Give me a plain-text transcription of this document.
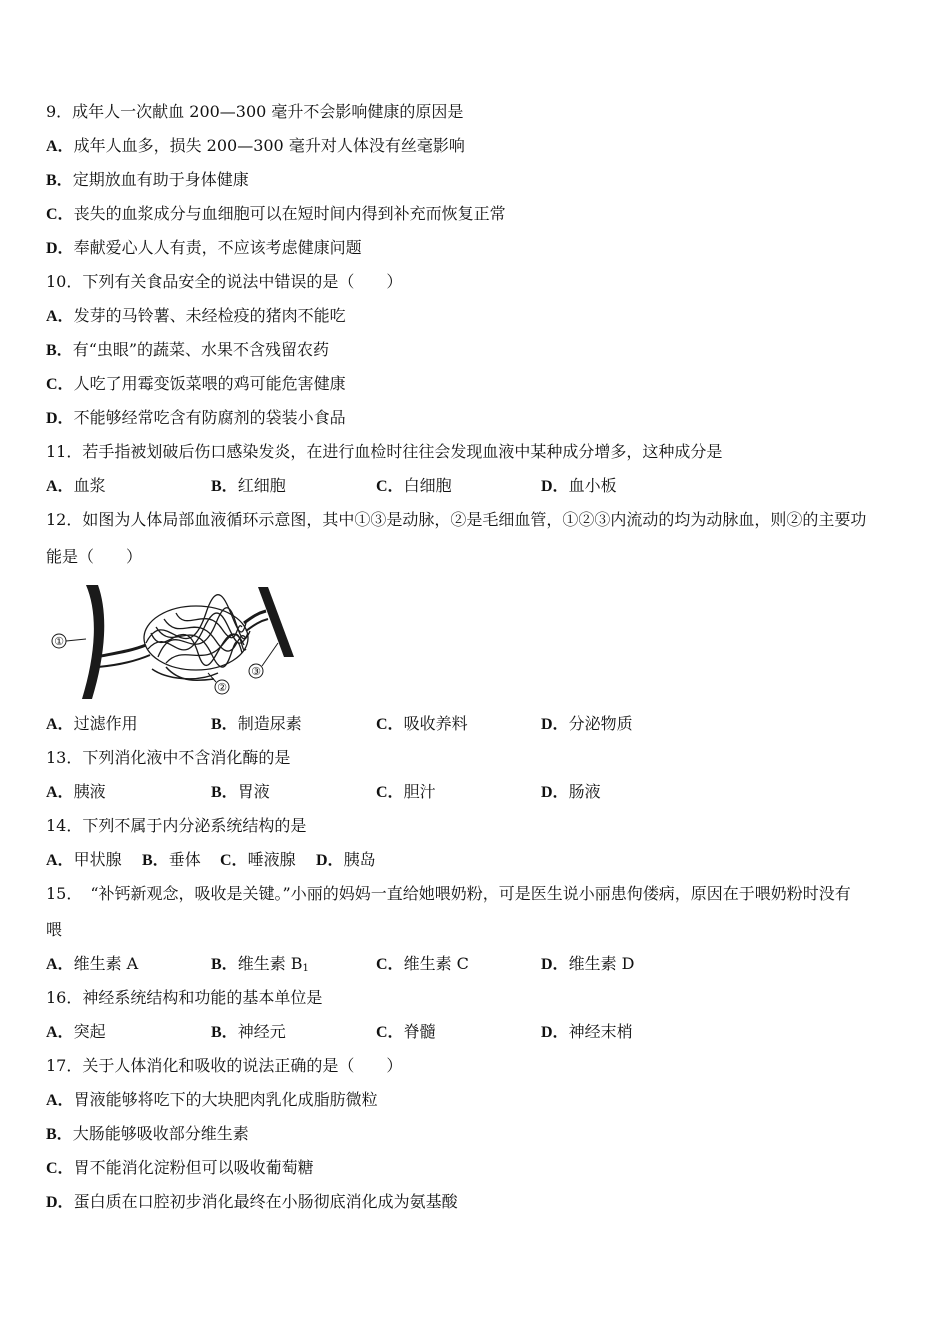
9．成年人一次献血 200—300 毫升不会影响健康的原因是
A．成年人血多，损失 200—300 毫升对人体没有丝毫影响
B．定期放血有助于身体健康
C．丧失的血浆成分与血细胞可以在短时间内得到补充而恢复正常
D．奉献爱心人人有责，不应该考虑健康问题
10．下列有关食品安全的说法中错误的是（　　）
A．发芽的马铃薯、未经检疫的猪肉不能吃
B．有“虫眼”的蔬菜、水果不含残留农药
C．人吃了用霉变饭菜喂的鸡可能危害健康
D．不能够经常吃含有防腐剂的袋装小食品
11．若手指被划破后伤口感染发炎，在进行血检时往往会发现血液中某种成分增多，这种成分是
A．血浆	B．红细胞	C．白细胞	D．血小板
12．如图为人体局部血液循环示意图，其中①③是动脉，②是毛细血管，①②③内流动的均为动脉血，则②的主要功
能是（　　）
①
②
③
A．过滤作用	B．制造尿素	C．吸收养料	D．分泌物质
13．下列消化液中不含消化酶的是
A．胰液	B．胃液	C．胆汁	D．肠液
14．下列不属于内分泌系统结构的是
A．甲状腺 B．垂体 C．唾液腺 D．胰岛
15．　“补钙新观念，吸收是关键。”小丽的妈妈一直给她喂奶粉，可是医生说小丽患佝偻病，原因在于喂奶粉时没有
喂
A．维生素 A	B．维生素 $B_1$	C．维生素 C	D．维生素 D
16．神经系统结构和功能的基本单位是
A．突起	B．神经元	C．脊髓	D．神经末梢
17．关于人体消化和吸收的说法正确的是（　　）
A．胃液能够将吃下的大块肥肉乳化成脂肪微粒
B．大肠能够吸收部分维生素
C．胃不能消化淀粉但可以吸收葡萄糖
D．蛋白质在口腔初步消化最终在小肠彻底消化成为氨基酸
